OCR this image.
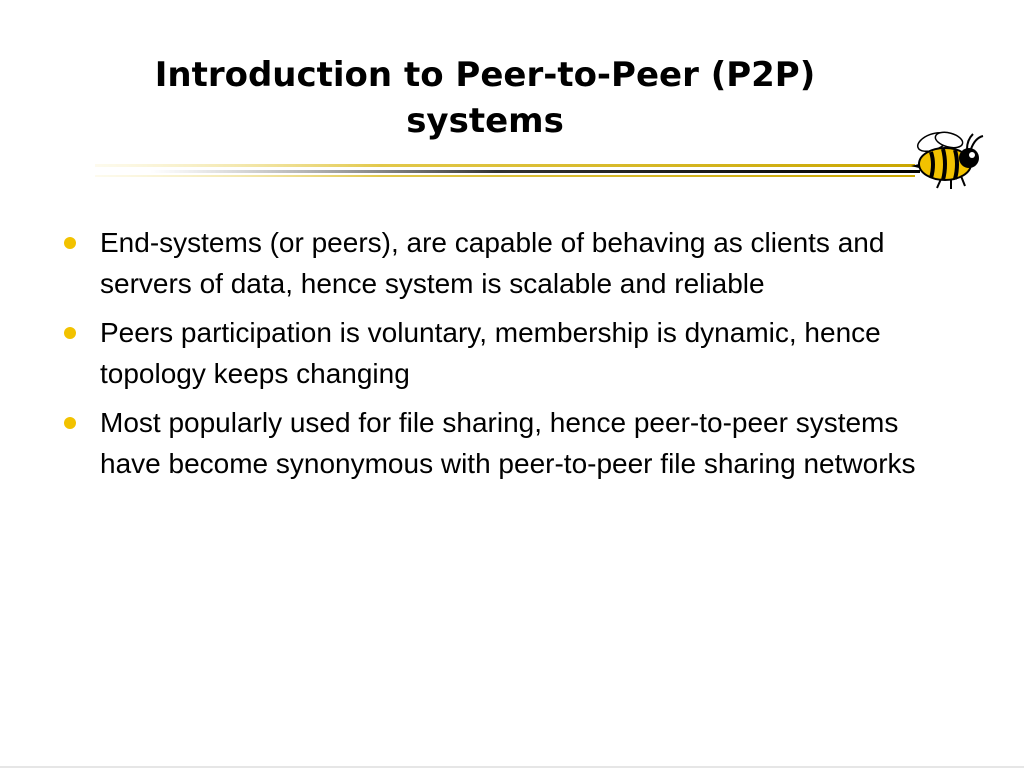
Introduction to Peer-to-Peer (P2P)
systems
End-systems (or peers), are capable of behaving as clients and servers of data, hence system is scalable and reliable
Peers participation is voluntary, membership is dynamic, hence topology keeps changing
Most popularly used for file sharing, hence peer-to-peer systems have become synonymous with peer-to-peer file sharing networks
